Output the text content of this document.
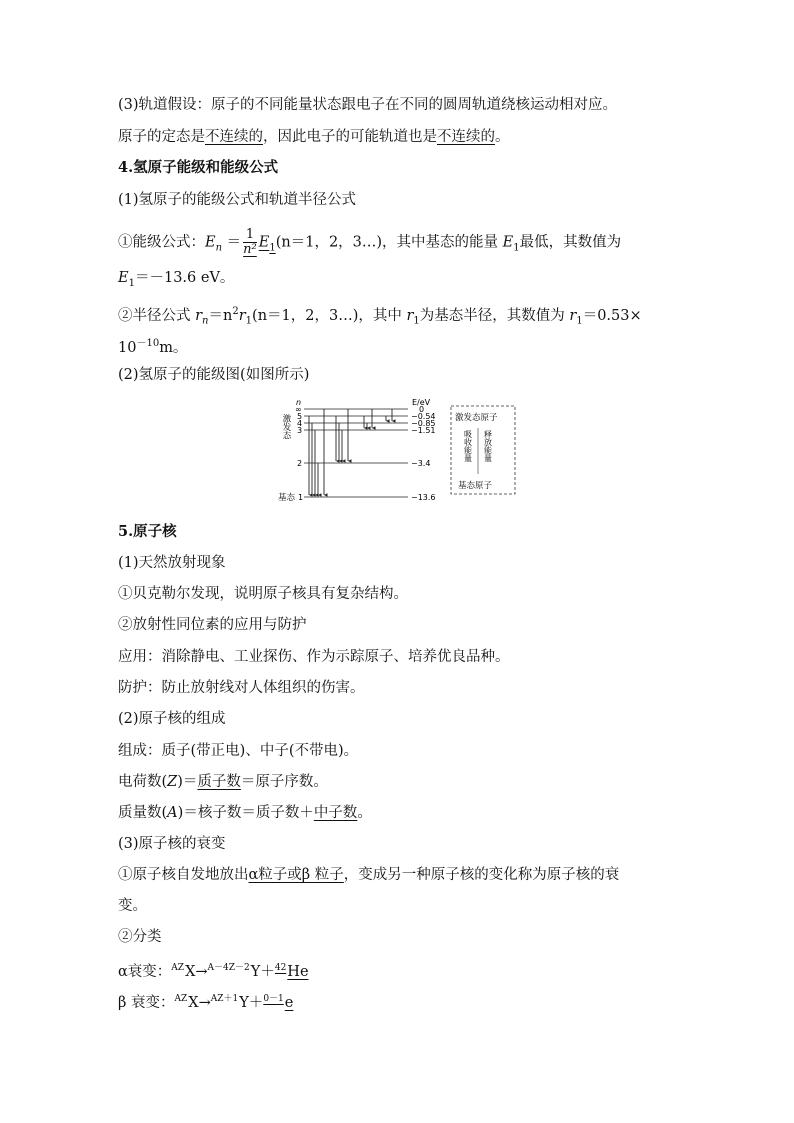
(3)轨道假设：原子的不同能量状态跟电子在不同的圆周轨道绕核运动相对应。
原子的定态是不连续的，因此电子的可能轨道也是不连续的。
4.氢原子能级和能级公式
(1)氢原子的能级公式和轨道半径公式
①能级公式：$E_n = \frac{1}{\text{n²}} E_1(n=1$，2，3…)，其中基态的能量 $E_1$最低，其数值为
$E_1=-13.6$ eV。
②半径公式 $r_n=n^2r_1(n=1$，2，3…)，其中 $r_1$为基态半径，其数值为 $r_1=0.53\times$
$10^{-10}m$。
(2)氢原子的能级图(如图所示)
n	E/eV
∞
5
4
3
2
1
0
−0.54
−0.85
−1.51
−3.4
−13.6
激发态
基态
激发态原子
吸收能量 释放能量
基态原子
5.原子核
(1)天然放射现象
①贝克勒尔发现，说明原子核具有复杂结构。
②放射性同位素的应用与防护
应用：消除静电、工业探伤、作为示踪原子、培养优良品种。
防护：防止放射线对人体组织的伤害。
(2)原子核的组成
组成：质子(带正电)、中子(不带电)。
电荷数(Z)＝质子数＝原子序数。
质量数(A)＝核子数＝质子数＋中子数。
(3)原子核的衰变
①原子核自发地放出α粒子或β 粒子，变成另一种原子核的变化称为原子核的衰
变。
②分类
α衰变：$^{AZ}$X→$^{A-4Z-2}$Y＋$^{42}$He
β 衰变：$^{AZ}$X→$^{AZ+1}$Y＋$^{0-1}$e
